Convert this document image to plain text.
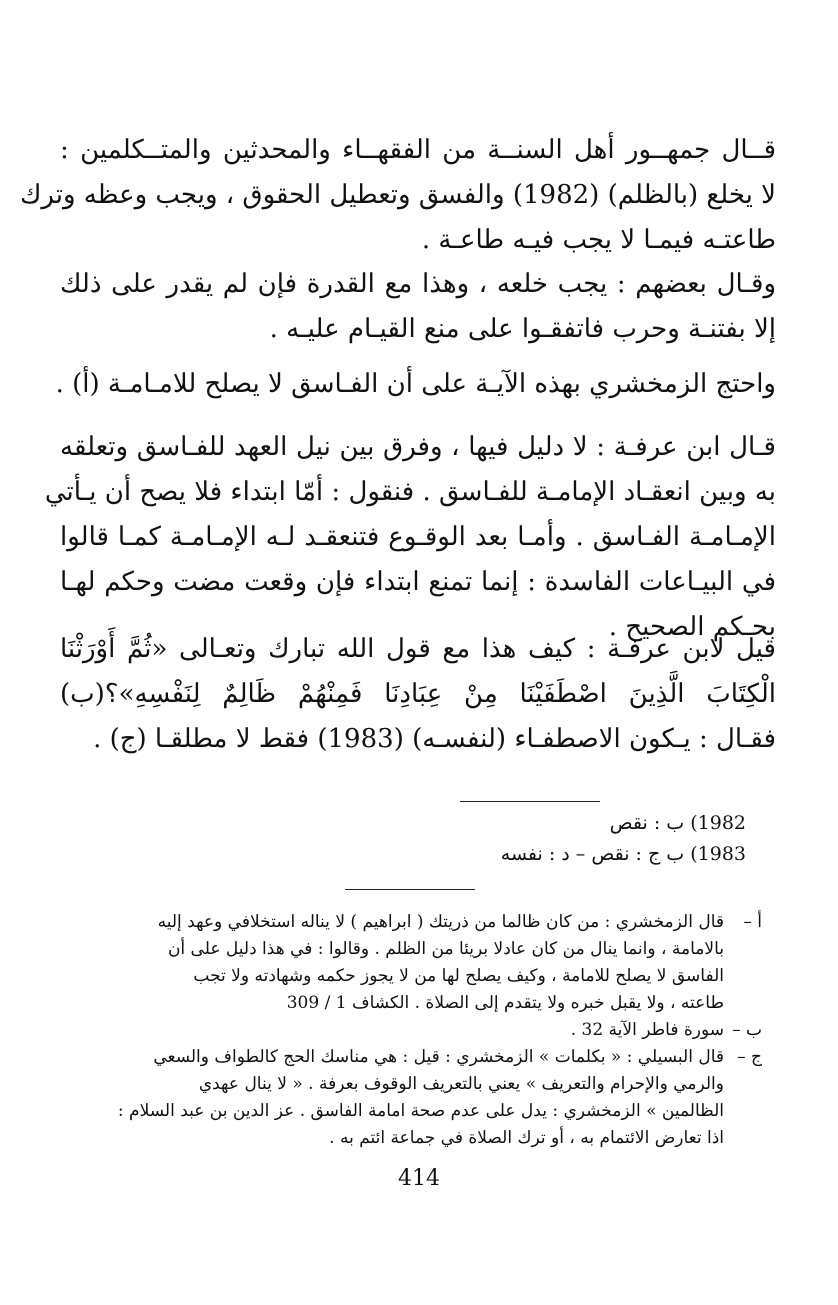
قــال جمهــور أهل السنــة من الفقهــاء والمحدثين والمتــكلمين :
لا يخلع (بالظلم) (1982) والفسق وتعطيل الحقوق ، ويجب وعظه وترك
طاعتـه فيمـا لا يجب فيـه طاعـة .
وقـال بعضهم : يجب خلعه ، وهذا مع القدرة فإن لم يقدر على ذلك
إلا بفتنـة وحرب فاتفقـوا على منع القيـام عليـه .
واحتج الزمخشري بهذه الآيـة على أن الفـاسق لا يصلح للامـامـة (أ) .
قـال ابن عرفـة : لا دليل فيها ، وفرق بين نيل العهد للفـاسق وتعلقه
به وبين انعقـاد الإمامـة للفـاسق . فنقول : أمّا ابتداء فلا يصح أن يـأتي
الإمـامـة الفـاسق . وأمـا بعد الوقـوع فتنعقـد لـه الإمـامـة كمـا قالوا
في البيـاعات الفاسدة : إنما تمنع ابتداء فإن وقعت مضت وحكم لهـا
بحـكم الصحيح .
قيل لابن عرفـة : كيف هذا مع قول الله تبارك وتعـالى «ثُمَّ أَوْرَثْنَا
الْكِتَابَ الَّذِينَ اصْطَفَيْنَا مِنْ عِبَادِنَا فَمِنْهُمْ ظَالِمٌ لِنَفْسِهِ»؟(ب)
فقـال : يـكون الاصطفـاء (لنفسـه) (1983) فقط لا مطلقـا (ج) .
1982) ب : نقص
1983) ب ج : نقص – د : نفسه
أ –
قال الزمخشري : من كان ظالما من ذريتك ( ابراهيم ) لا يناله استخلافي وعهد إليه
بالامامة ، وانما ينال من كان عادلا بريئا من الظلم . وقالوا : في هذا دليل على أن
الفاسق لا يصلح للامامة ، وكيف يصلح لها من لا يجوز حكمه وشهادته ولا تجب
طاعته ، ولا يقبل خبره ولا يتقدم إلى الصلاة . الكشاف 1 / 309
ب –
سورة فاطر الآية 32 .
ج –
قال البسيلي : « بكلمات » الزمخشري : قيل : هي مناسك الحج كالطواف والسعي
والرمي والإحرام والتعريف » يعني بالتعريف الوقوف بعرفة . « لا ينال عهدي
الظالمين » الزمخشري : يدل على عدم صحة امامة الفاسق . عز الدين بن عبد السلام :
اذا تعارض الائتمام به ، أو ترك الصلاة في جماعة ائتم به .
414
